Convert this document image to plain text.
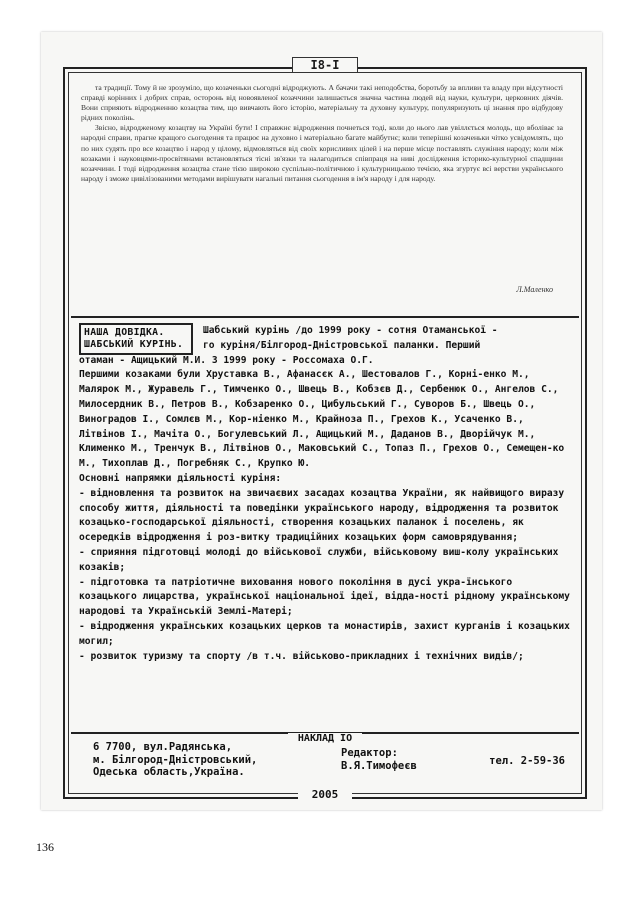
I8-I

та традиції. Тому й не зрозуміло, що козаченьки сьогодні відроджують. А бачачи такі неподобства, боротьбу за впливи та владу при відсутності справді корінних і добрих справ, осторонь від новоявленої козаччини залишається значна частина людей від науки, культури, церковних діячів. Вони сприяють відродженню козацтва тим, що вивчають його історію, матеріальну та духовну культуру, популяризують ці знання про відбудову рідних поколінь.

Звісно, відродженому козацтву на Україні бути! І справжнє відродження почнеться тоді, коли до нього лав увіллється молодь, що вболіває за народні справи, прагне кращого сьогодення та працює на духовно і матеріально багате майбутнє; коли теперішні козаченьки чітко усвідомлять, що по них судять про все козацтво і народ у цілому, відмовляться від своїх корисливих цілей і на перше місце поставлять служіння народу; коли між козаками і науковцями-просвітянами встановляться тісні зв'язки та налагодиться співпраця на ниві дослідження історико-культурної спадщини козаччини. І тоді відродження козацтва стане тією широкою суспільно-політичною і культурницькою течією, яка згуртує всі верстви українського народу і зможе цивілізованими методами вирішувати нагальні питання сьогодення в ім'я народу і для народу.

Л.Маленко
НАША ДОВІДКА.
ШАБСЬКИЙ КУРІНЬ.

Шабський курінь /до 1999 року - сотня Отаманської -

го куріня/Білгород-Дністровської паланки. Перший

отаман - Ащицький М.И. З 1999 року - Россомаха О.Г.

Першими козаками були Хруставка В., Афанасєк А., Шестовалов Г., Корні-енко М., Малярок М., Журавель Г., Тимченко О., Швець В., Кобзєв Д., Сербенюк О., Ангелов С., Милосердник В., Петров В., Кобзаренко О., Цибульський Г., Суворов Б., Швець О., Виноградов І., Сомлєв М., Кор-ніенко М., Крайноза П., Грехов К., Усаченко В., Літвінов І., Мачіта О., Богулевський Л., Ащицький М., Даданов В., Дворійчук М., Клименко М., Тренчук В., Літвінов О., Маковський С., Топаз П., Грехов О., Семещен-ко М., Тихоплав Д., Погребняк С., Крупко Ю.

Основні напрямки діяльності куріня:

- відновлення та розвиток на звичаєвих засадах козацтва України, як найвищого виразу способу життя, діяльності та поведінки українського народу, відродження та розвиток козацько-господарської діяльності, створення козацьких паланок і поселень, як осередків відродження і роз-витку традиційних козацьких форм самоврядування;

- сприяння підготовці молоді до військової служби, військовому виш-колу українських козаків;

- підготовка та патріотичне виховання нового покоління в дусі укра-їнського козацького лицарства, української національної ідеї, відда-ності рідному українському народові та Українській Землі-Матері;

- відродження українських козацьких церков та монастирів, захист курганів і козацьких могил;

- розвиток туризму та спорту /в т.ч. військово-прикладних і технічних видів/;

НАКЛАД IO
6 7700, вул.Радянська,
м. Білгород-Дністровський,
Одеська область,Україна.
Редактор:
В.Я.Тимофеєв	тел. 2-59-36
2005
136
